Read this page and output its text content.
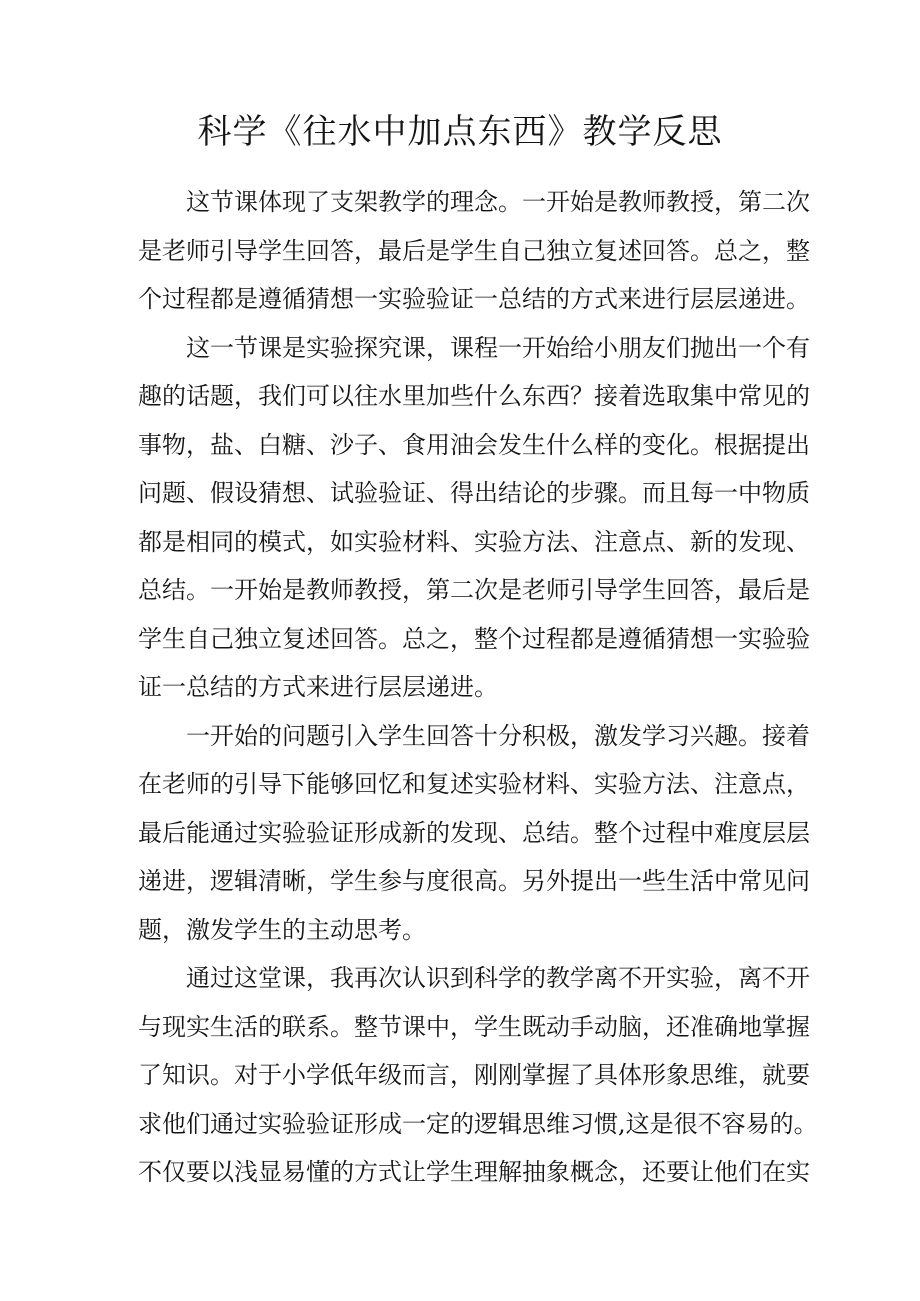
科学《往水中加点东西》教学反思

这节课体现了支架教学的理念。一开始是教师教授，第二次
是老师引导学生回答，最后是学生自己独立复述回答。总之，整
个过程都是遵循猜想一实验验证一总结的方式来进行层层递进。

这一节课是实验探究课，课程一开始给小朋友们抛出一个有
趣的话题，我们可以往水里加些什么东西？接着选取集中常见的
事物，盐、白糖、沙子、食用油会发生什么样的变化。根据提出
问题、假设猜想、试验验证、得出结论的步骤。而且每一中物质
都是相同的模式，如实验材料、实验方法、注意点、新的发现、
总结。一开始是教师教授，第二次是老师引导学生回答，最后是
学生自己独立复述回答。总之，整个过程都是遵循猜想一实验验
证一总结的方式来进行层层递进。

一开始的问题引入学生回答十分积极，激发学习兴趣。接着
在老师的引导下能够回忆和复述实验材料、实验方法、注意点，
最后能通过实验验证形成新的发现、总结。整个过程中难度层层
递进，逻辑清晰，学生参与度很高。另外提出一些生活中常见问
题，激发学生的主动思考。

通过这堂课，我再次认识到科学的教学离不开实验，离不开
与现实生活的联系。整节课中，学生既动手动脑，还准确地掌握
了知识。对于小学低年级而言，刚刚掌握了具体形象思维，就要
求他们通过实验验证形成一定的逻辑思维习惯,这是很不容易的。
不仅要以浅显易懂的方式让学生理解抽象概念，还要让他们在实
